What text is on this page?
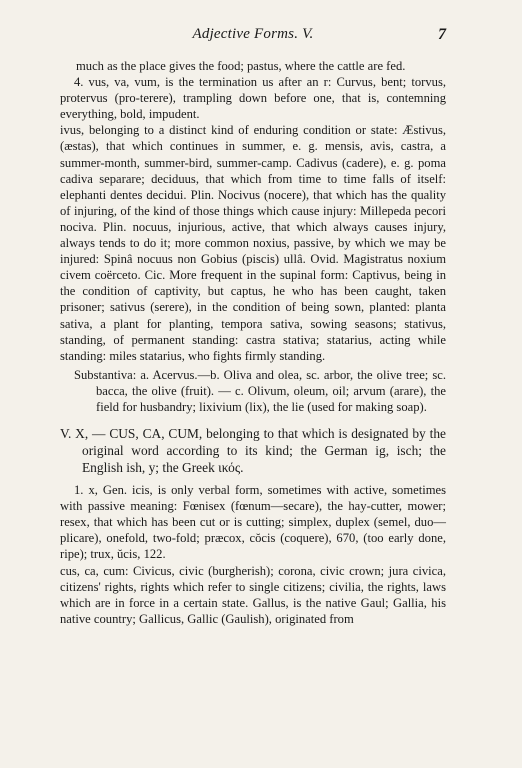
Adjective Forms. V.	7

much as the place gives the food; pastus, where the cattle are fed.

4. vus, va, vum, is the termination us after an r: Curvus, bent; torvus, protervus (pro-terere), trampling down before one, that is, contemning everything, bold, impudent.

ivus, belonging to a distinct kind of enduring condition or state: Æstivus, (æstas), that which continues in summer, e. g. mensis, avis, castra, a summer-month, summer-bird, summer-camp. Cadivus (cadere), e. g. poma cadiva separare; deciduus, that which from time to time falls of itself: elephanti dentes decidui. Plin. Nocivus (nocere), that which has the quality of injuring, of the kind of those things which cause injury: Millepeda pecori nociva. Plin. nocuus, injurious, active, that which always causes injury, always tends to do it; more common noxius, passive, by which we may be injured: Spinâ nocuus non Gobius (piscis) ullâ. Ovid. Magistratus noxium civem coërceto. Cic. More frequent in the supinal form: Captivus, being in the condition of captivity, but captus, he who has been caught, taken prisoner; sativus (serere), in the condition of being sown, planted: planta sativa, a plant for planting, tempora sativa, sowing seasons; stativus, standing, of permanent standing: castra stativa; statarius, acting while standing: miles statarius, who fights firmly standing.

Substantiva: a. Acervus.—b. Oliva and olea, sc. arbor, the olive tree; sc. bacca, the olive (fruit). — c. Olivum, oleum, oil; arvum (arare), the field for husbandry; lixivium (lix), the lie (used for making soap).

V. X, — CUS, CA, CUM, belonging to that which is designated by the original word according to its kind; the German ig, isch; the English ish, y; the Greek ικός.

1. x, Gen. icis, is only verbal form, sometimes with active, sometimes with passive meaning: Fœnisex (fœnum—secare), the hay-cutter, mower; resex, that which has been cut or is cutting; simplex, duplex (semel, duo—plicare), onefold, two-fold; præcox, cŏcis (coquere), 670, (too early done, ripe); trux, ŭcis, 122.

cus, ca, cum: Civicus, civic (burgherish); corona, civic crown; jura civica, citizens' rights, rights which refer to single citizens; civilia, the rights, laws which are in force in a certain state. Gallus, is the native Gaul; Gallia, his native country; Gallicus, Gallic (Gaulish), originated from
